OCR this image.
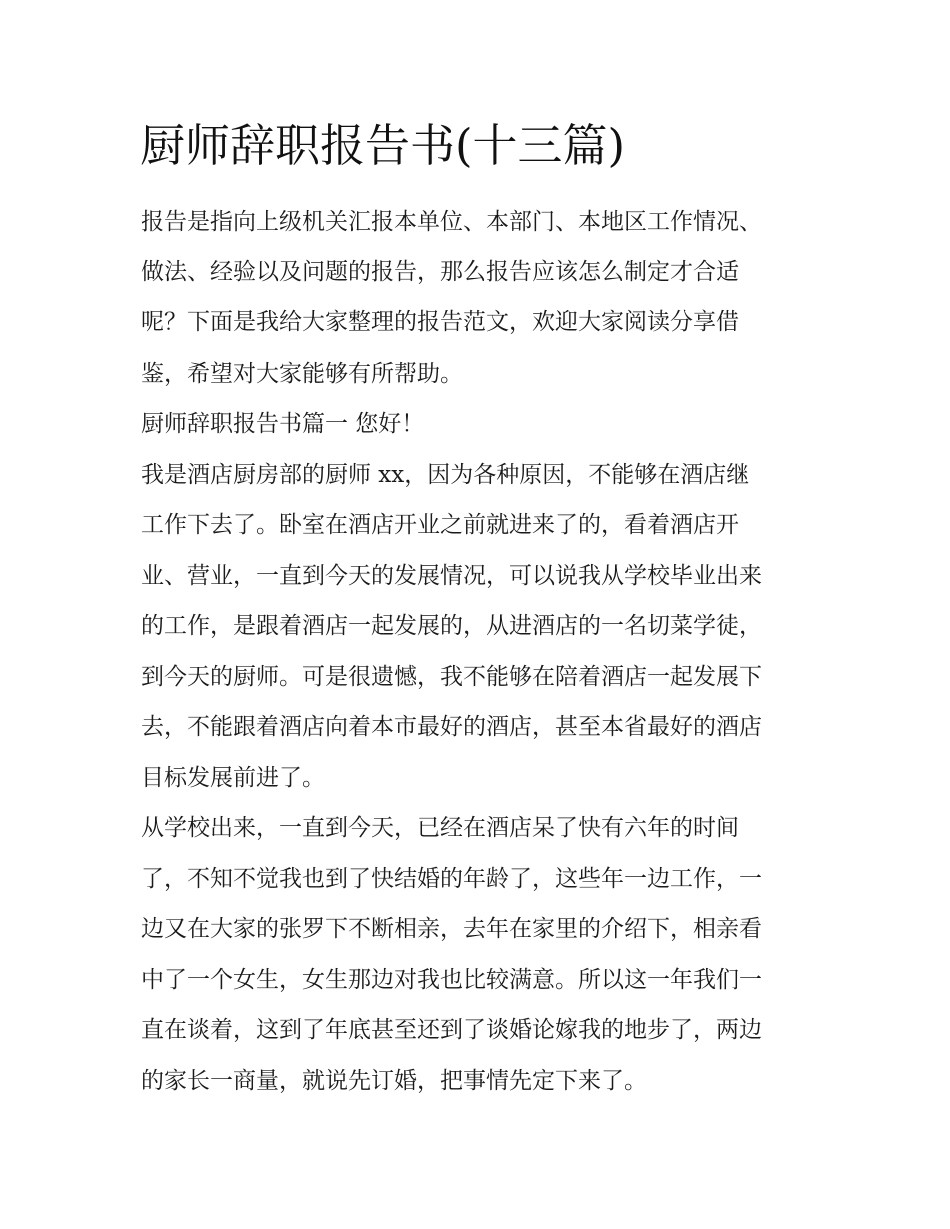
厨师辞职报告书(十三篇)
报告是指向上级机关汇报本单位、本部门、本地区工作情况、
做法、经验以及问题的报告，那么报告应该怎么制定才合适
呢？下面是我给大家整理的报告范文，欢迎大家阅读分享借
鉴，希望对大家能够有所帮助。
厨师辞职报告书篇一 您好！
我是酒店厨房部的厨师 xx，因为各种原因，不能够在酒店继
工作下去了。卧室在酒店开业之前就进来了的，看着酒店开
业、营业，一直到今天的发展情况，可以说我从学校毕业出来
的工作，是跟着酒店一起发展的，从进酒店的一名切菜学徒，
到今天的厨师。可是很遗憾，我不能够在陪着酒店一起发展下
去，不能跟着酒店向着本市最好的酒店，甚至本省最好的酒店
目标发展前进了。
从学校出来，一直到今天，已经在酒店呆了快有六年的时间
了，不知不觉我也到了快结婚的年龄了，这些年一边工作，一
边又在大家的张罗下不断相亲，去年在家里的介绍下，相亲看
中了一个女生，女生那边对我也比较满意。所以这一年我们一
直在谈着，这到了年底甚至还到了谈婚论嫁我的地步了，两边
的家长一商量，就说先订婚，把事情先定下来了。
